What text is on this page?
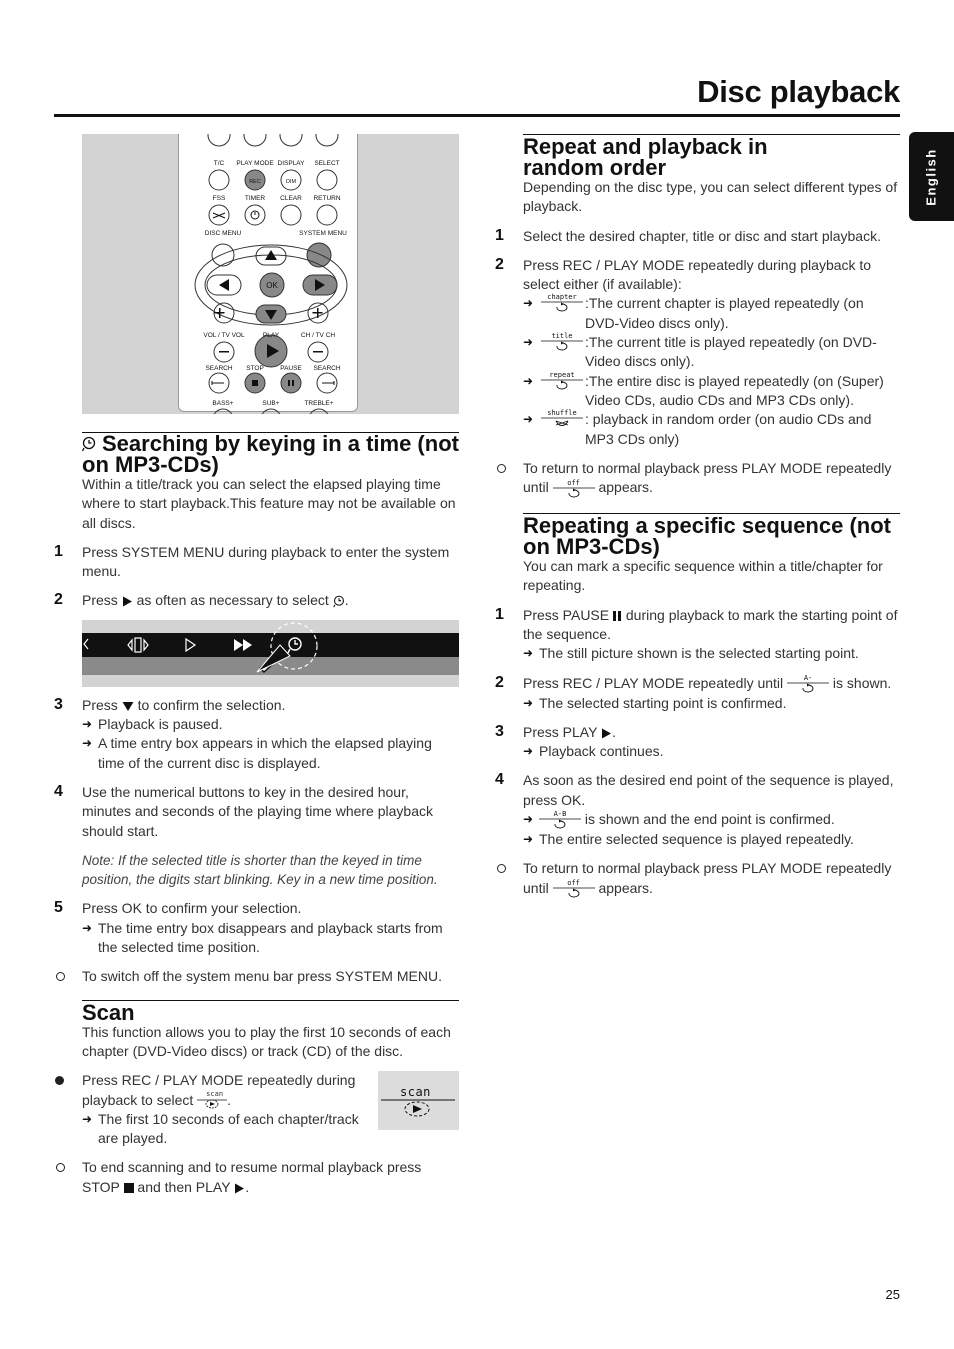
Disc playback
English
T/C PLAY MODE DISPLAY SELECT
REC	DIM
FSS	TIMER CLEAR RETURN
DISC MENU	SYSTEM MENU
OK
VOL / TV VOL	PLAY	CH / TV CH
SEARCH STOP	PAUSE SEARCH
BASS+	SUB+	TREBLE+
Searching by keying in a time (not on MP3-CDs)

Within a title/track you can select the elapsed playing time where to start playback.This feature may not be available on all discs.

1 Press SYSTEM MENU during playback to enter the system menu.
2 Press  as often as necessary to select .
3 Press  to confirm the selection.
➜ Playback is paused.
➜ A time entry box appears in which the elapsed playing time of the current disc is displayed.
4 Use the numerical buttons to key in the desired hour, minutes and seconds of the playing time where playback should start.

Note: If the selected title is shorter than the keyed in time position, the digits start blinking. Key in a new time position.

5 Press OK to confirm your selection.
➜ The time entry box disappears and playback starts from the selected time position.
To switch off the system menu bar press SYSTEM MENU.
Scan

This function allows you to play the first 10 seconds of each chapter (DVD-Video discs) or track (CD) of the disc.

Press REC / PLAY MODE repeatedly during playback to select scan .
➜ The first 10 seconds of each chapter/track are played.
scan
To end scanning and to resume normal playback press STOP  and then PLAY .
Repeat and playback in random order

Depending on the disc type, you can select different types of playback.

1 Select the desired chapter, title or disc and start playback.
2 Press REC / PLAY MODE repeatedly during playback to select either (if available):
➜ chapter :The current chapter is played repeatedly (on DVD-Video discs only).
➜ title :The current title is played repeatedly (on DVD-Video discs only).
➜ repeat :The entire disc is played repeatedly (on (Super) Video CDs, audio CDs and MP3 CDs only).
➜ shuffle : playback in random order (on audio CDs and MP3 CDs only)
To return to normal playback press PLAY MODE repeatedly until	off	appears.
Repeating a specific sequence (not on MP3-CDs)

You can mark a specific sequence within a title/chapter for repeating.

1 Press PAUSE  during playback to mark the starting point of the sequence.
➜ The still picture shown is the selected starting point.
2 Press REC / PLAY MODE repeatedly until	A-	is shown.
➜ The selected starting point is confirmed.
3 Press PLAY .
➜ Playback continues.
4 As soon as the desired end point of the sequence is played, press OK.
➜ A-B	is shown and the end point is confirmed.
➜ The entire selected sequence is played repeatedly.
To return to normal playback press PLAY MODE repeatedly until	off	appears.
25
